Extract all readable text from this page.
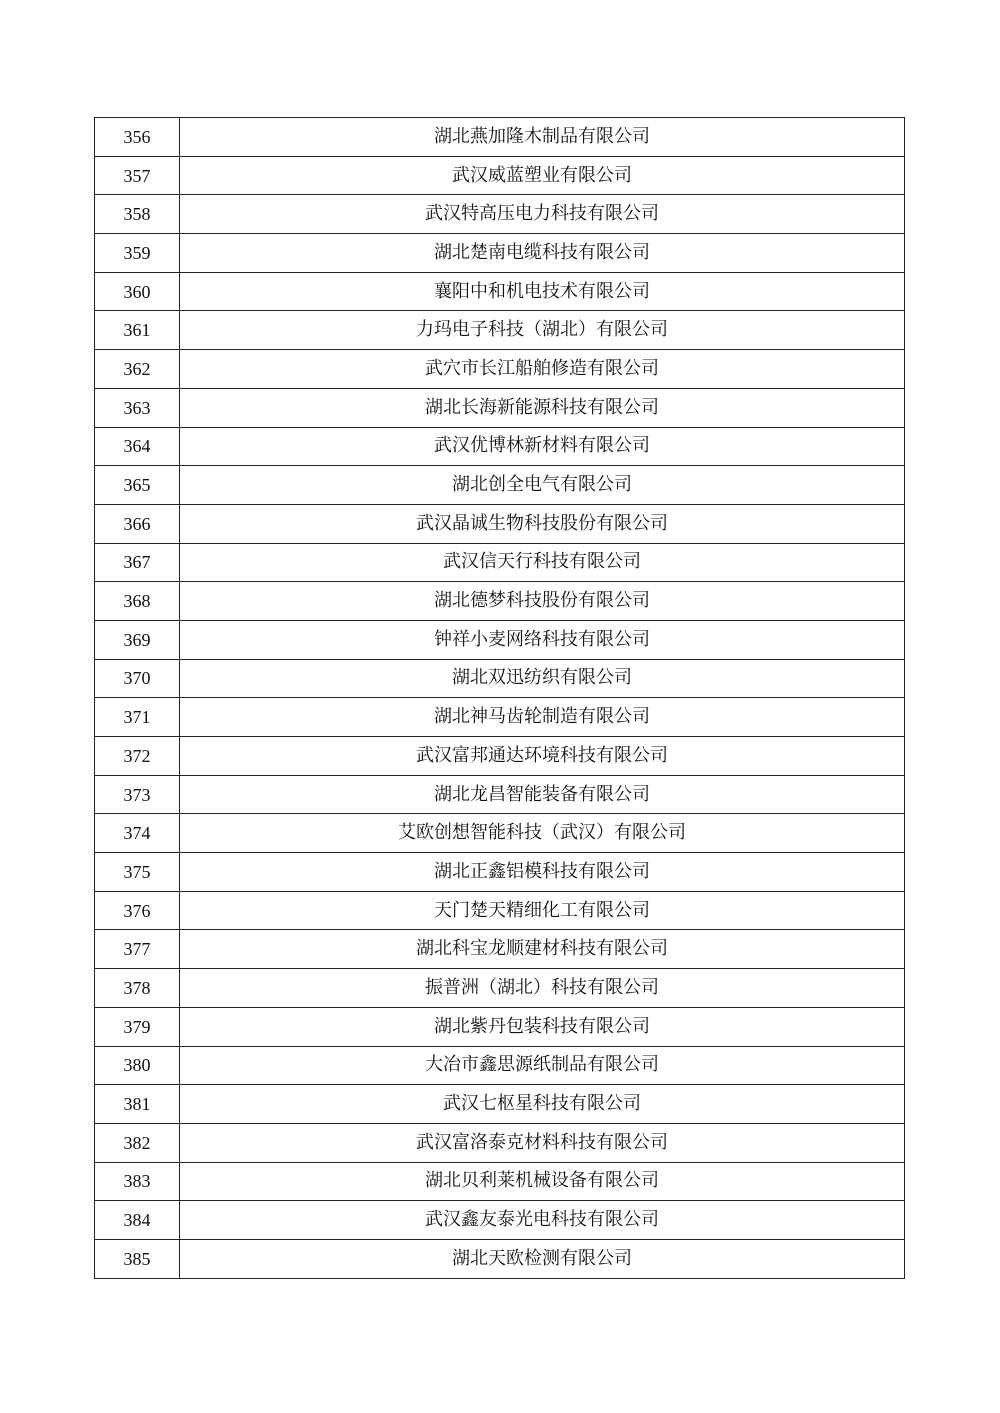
356	湖北燕加隆木制品有限公司
357	武汉威蓝塑业有限公司
358	武汉特高压电力科技有限公司
359	湖北楚南电缆科技有限公司
360	襄阳中和机电技术有限公司
361	力玛电子科技（湖北）有限公司
362	武穴市长江船舶修造有限公司
363	湖北长海新能源科技有限公司
364	武汉优博林新材料有限公司
365	湖北创全电气有限公司
366	武汉晶诚生物科技股份有限公司
367	武汉信天行科技有限公司
368	湖北德梦科技股份有限公司
369	钟祥小麦网络科技有限公司
370	湖北双迅纺织有限公司
371	湖北神马齿轮制造有限公司
372	武汉富邦通达环境科技有限公司
373	湖北龙昌智能装备有限公司
374	艾欧创想智能科技（武汉）有限公司
375	湖北正鑫铝模科技有限公司
376	天门楚天精细化工有限公司
377	湖北科宝龙顺建材科技有限公司
378	振普洲（湖北）科技有限公司
379	湖北紫丹包装科技有限公司
380	大冶市鑫思源纸制品有限公司
381	武汉七枢星科技有限公司
382	武汉富洛泰克材料科技有限公司
383	湖北贝利莱机械设备有限公司
384	武汉鑫友泰光电科技有限公司
385	湖北天欧检测有限公司
